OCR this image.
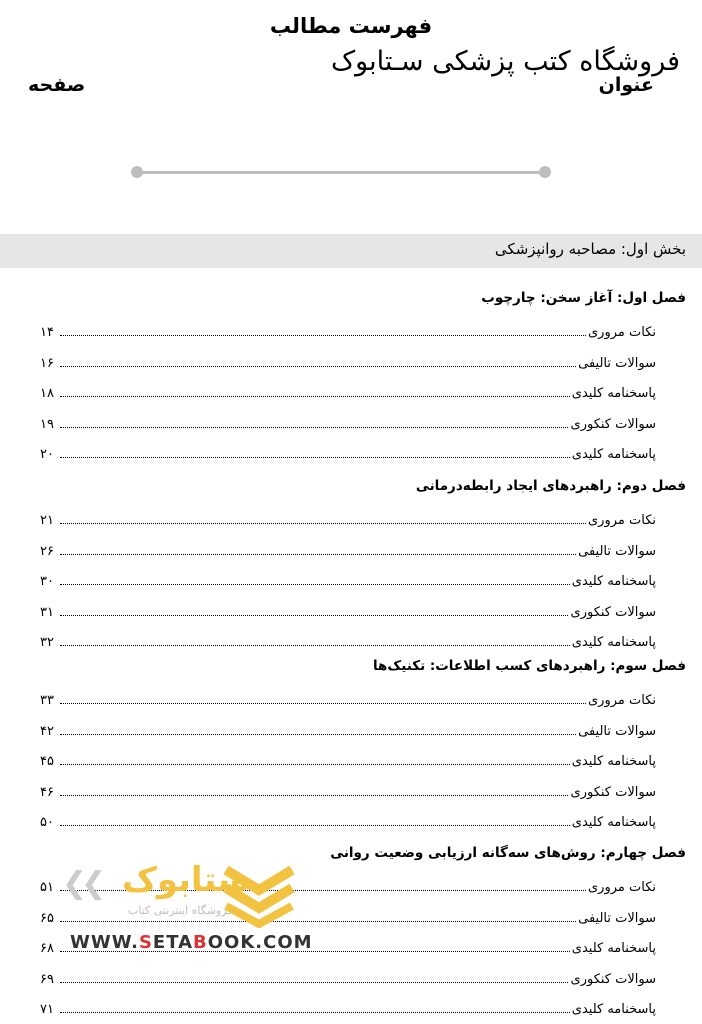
فهرست مطالب
فروشگاه کتب پزشکی سـتابوک
عنوان
صفحه
بخش اول: مصاحبه روانپزشکی
فصل اول: آغاز سخن: چارچوب
نکات مروری
۱۴
سوالات تالیفی
۱۶
پاسخنامه کلیدی
۱۸
سوالات کنکوری
۱۹
پاسخنامه کلیدی
۲۰
فصل دوم: راهبردهای ایجاد رابطه‌درمانی
نکات مروری
۲۱
سوالات تالیفی
۲۶
پاسخنامه کلیدی
۳۰
سوالات کنکوری
۳۱
پاسخنامه کلیدی
۳۲
فصل سوم: راهبردهای کسب اطلاعات: تکنیک‌ها
نکات مروری
۳۳
سوالات تالیفی
۴۲
پاسخنامه کلیدی
۴۵
سوالات کنکوری
۴۶
پاسخنامه کلیدی
۵۰
فصل چهارم: روش‌های سه‌گانه ارزیابی وضعیت روانی
نکات مروری
۵۱
سوالات تالیفی
۶۵
پاسخنامه کلیدی
۶۸
سوالات کنکوری
۶۹
پاسخنامه کلیدی
۷۱
❮❮ ستابوک
فروشگاه اینترنتی کتاب
WWW.SETABOOK.COM
